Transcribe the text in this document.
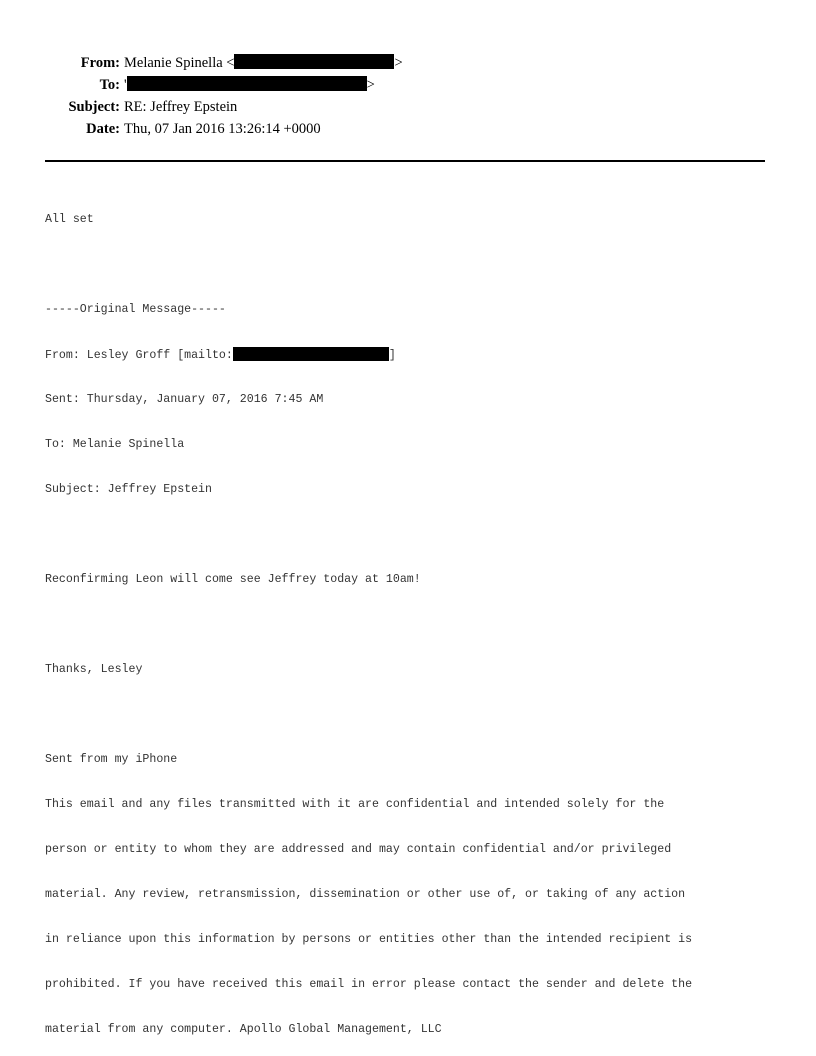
From: Melanie Spinella <	>
To: '	>
Subject: RE: Jeffrey Epstein
Date: Thu, 07 Jan 2016 13:26:14 +0000

All set

-----Original Message-----

From: Lesley Groff [mailto:	]

Sent: Thursday, January 07, 2016 7:45 AM

To: Melanie Spinella

Subject: Jeffrey Epstein

Reconfirming Leon will come see Jeffrey today at 10am!

Thanks, Lesley

Sent from my iPhone

This email and any files transmitted with it are confidential and intended solely for the

person or entity to whom they are addressed and may contain confidential and/or privileged

material. Any review, retransmission, dissemination or other use of, or taking of any action

in reliance upon this information by persons or entities other than the intended recipient is

prohibited. If you have received this email in error please contact the sender and delete the

material from any computer. Apollo Global Management, LLC
